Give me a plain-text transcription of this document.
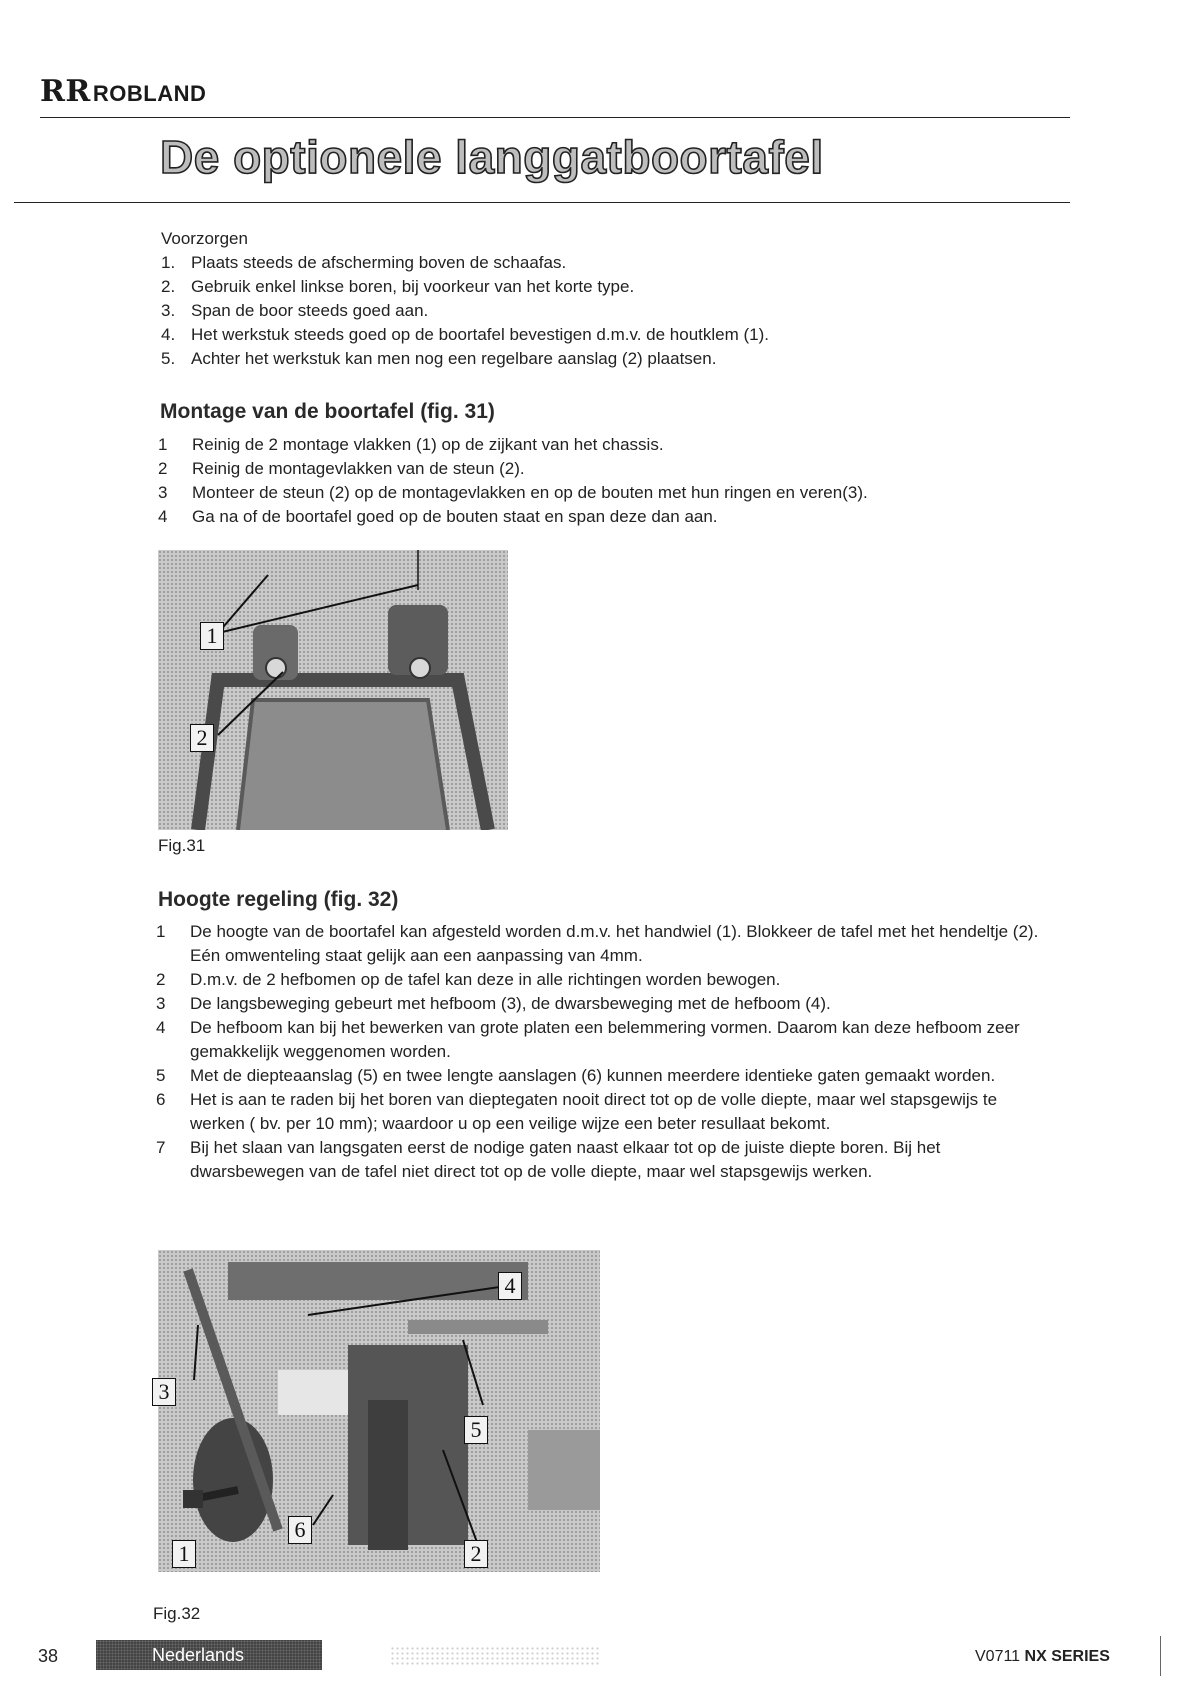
RR ROBLAND
De optionele langgatboortafel
Voorzorgen
1. Plaats steeds de afscherming boven de schaafas.
2. Gebruik enkel linkse boren, bij voorkeur van het korte type.
3. Span de boor steeds goed aan.
4. Het werkstuk steeds goed op de boortafel bevestigen d.m.v. de houtklem (1).
5. Achter het werkstuk kan men nog een regelbare aanslag (2) plaatsen.
Montage van de boortafel (fig. 31)
1	Reinig de 2 montage vlakken (1) op de zijkant van het chassis.
2	Reinig de montagevlakken van de steun (2).
3	Monteer de steun (2) op de montagevlakken en op de bouten met hun ringen en veren(3).
4	Ga na of de boortafel goed op de bouten staat en span deze dan aan.
1
2
Fig.31
Hoogte regeling (fig. 32)
1	De hoogte van de boortafel kan afgesteld worden d.m.v. het handwiel (1). Blokkeer de tafel met het hendeltje (2). Eén omwenteling staat gelijk aan een aanpassing van 4mm.
2	D.m.v. de 2 hefbomen op de tafel kan deze in alle richtingen worden bewogen.
3	De langsbeweging gebeurt met hefboom (3), de dwarsbeweging met de hefboom (4).
4	De hefboom kan bij het bewerken van grote platen een belemmering vormen. Daarom kan deze hefboom zeer gemakkelijk weggenomen worden.
5	Met de diepteaanslag (5) en twee lengte aanslagen (6) kunnen meerdere identieke gaten gemaakt worden.
6	Het is aan te raden bij het boren van dieptegaten nooit direct tot op de volle diepte, maar wel stapsgewijs te werken ( bv. per 10 mm); waardoor u op een veilige wijze een beter resullaat bekomt.
7	Bij het slaan van langsgaten eerst de nodige gaten naast elkaar tot op de juiste diepte boren. Bij het dwarsbewegen van de tafel niet direct tot op de volle diepte, maar wel stapsgewijs werken.
4
3
5
6
1	2
Fig.32
38	Nederlands	V0711 NX SERIES
